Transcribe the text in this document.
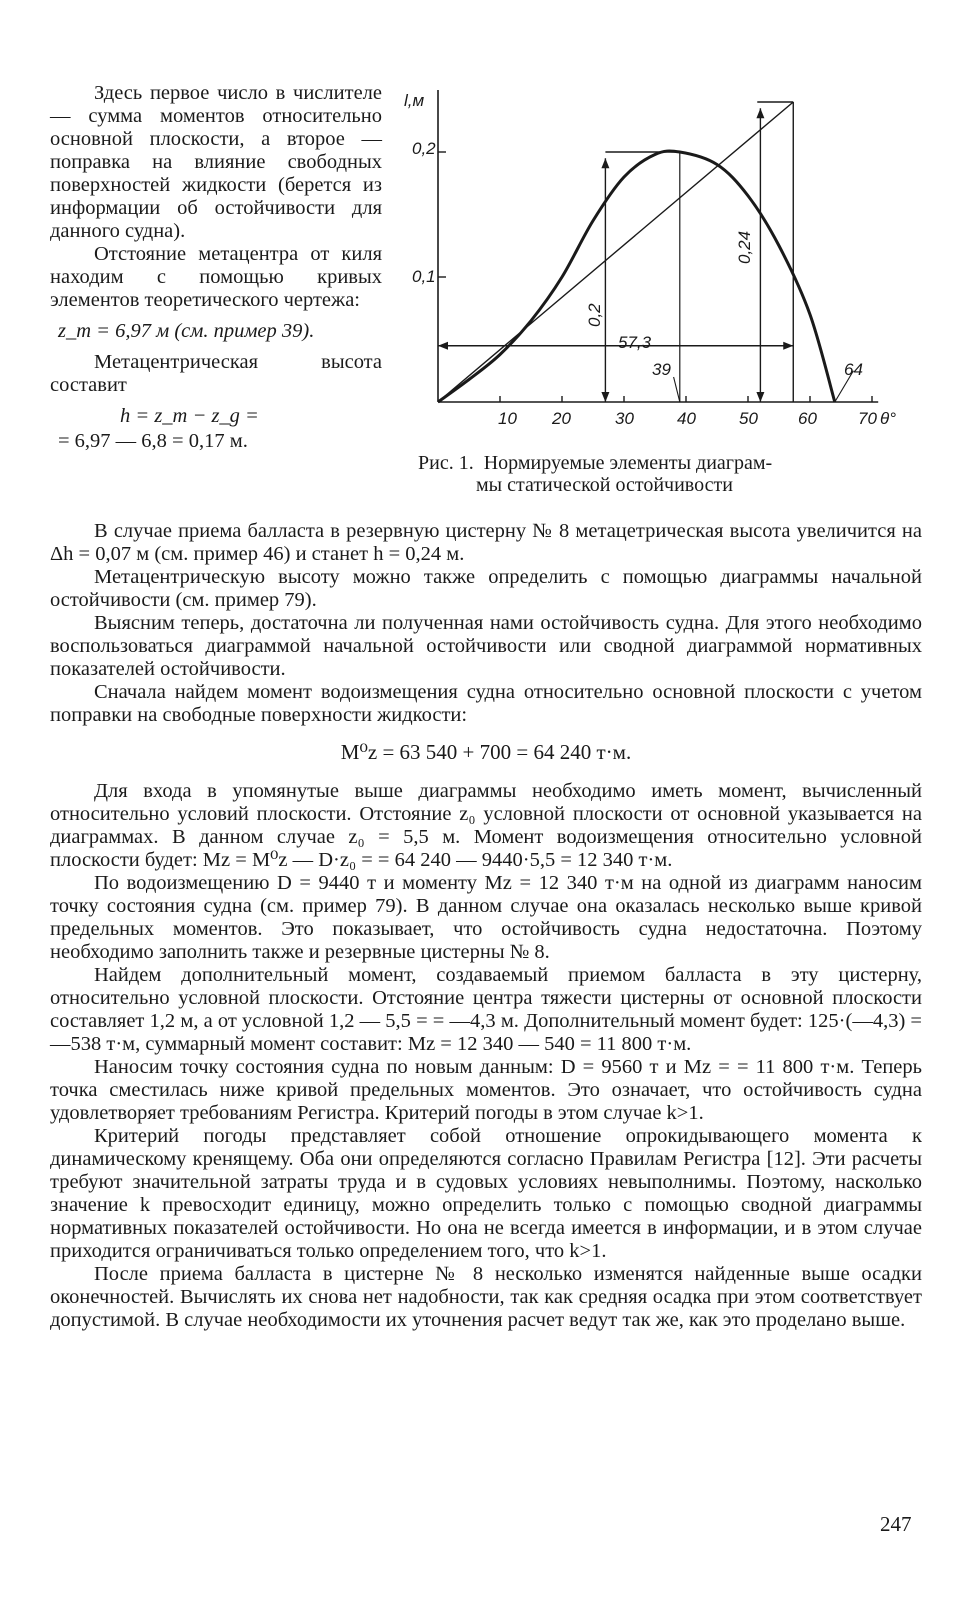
Здесь первое число в числителе — сумма моментов относительно основной плоскости, а второе — поправка на влияние свободных поверхностей жидкости (берется из информации об остойчивости для данного судна).

Отстояние метацентра от киля находим с помощью кривых элементов теоретического чертежа:

z_m = 6,97 м (см. пример 39).

Метацентрическая высота составит

h = z_m − z_g =
= 6,97 — 6,8 = 0,17 м.
l,м
0,2
0,1
10 20	30	40	50 60 70 θ°
0,2
0,24
57,3
39	64
Рис. 1. Нормируемые элементы диаграм-
мы статической остойчивости

В случае приема балласта в резервную цистерну № 8 метацетрическая высота увеличится на Δh = 0,07 м (см. пример 46) и станет h = 0,24 м.

Метацентрическую высоту можно также определить с помощью диаграммы начальной остойчивости (см. пример 79).

Выясним теперь, достаточна ли полученная нами остойчивость судна. Для этого необходимо воспользоваться диаграммой начальной остойчивости или сводной диаграммой нормативных показателей остойчивости.

Сначала найдем момент водоизмещения судна относительно основной плоскости с учетом поправки на свободные поверхности жидкости:

M⁰z = 63 540 + 700 = 64 240 т·м.

Для входа в упомянутые выше диаграммы необходимо иметь момент, вычисленный относительно условий плоскости. Отстояние z₀ условной плоскости от основной указывается на диаграммах. В данном случае z₀ = 5,5 м. Момент водоизмещения относительно условной плоскости будет: Mz = M⁰z — D·z₀ = = 64 240 — 9440·5,5 = 12 340 т·м.

По водоизмещению D = 9440 т и моменту Mz = 12 340 т·м на одной из диаграмм наносим точку состояния судна (см. пример 79). В данном случае она оказалась несколько выше кривой предельных моментов. Это показывает, что остойчивость судна недостаточна. Поэтому необходимо заполнить также и резервные цистерны № 8.

Найдем дополнительный момент, создаваемый приемом балласта в эту цистерну, относительно условной плоскости. Отстояние центра тяжести цистерны от основной плоскости составляет 1,2 м, а от условной 1,2 — 5,5 = = —4,3 м. Дополнительный момент будет: 125·(—4,3) = —538 т·м, суммарный момент составит: Mz = 12 340 — 540 = 11 800 т·м.

Наносим точку состояния судна по новым данным: D = 9560 т и Mz = = 11 800 т·м. Теперь точка сместилась ниже кривой предельных моментов. Это означает, что остойчивость судна удовлетворяет требованиям Регистра. Критерий погоды в этом случае k>1.

Критерий погоды представляет собой отношение опрокидывающего момента к динамическому кренящему. Оба они определяются согласно Правилам Регистра [12]. Эти расчеты требуют значительной затраты труда и в судовых условиях невыполнимы. Поэтому, насколько значение k превосходит единицу, можно определить только с помощью сводной диаграммы нормативных показателей остойчивости. Но она не всегда имеется в информации, и в этом случае приходится ограничиваться только определением того, что k>1.

После приема балласта в цистерне № 8 несколько изменятся найденные выше осадки оконечностей. Вычислять их снова нет надобности, так как средняя осадка при этом соответствует допустимой. В случае необходимости их уточнения расчет ведут так же, как это проделано выше.

247
